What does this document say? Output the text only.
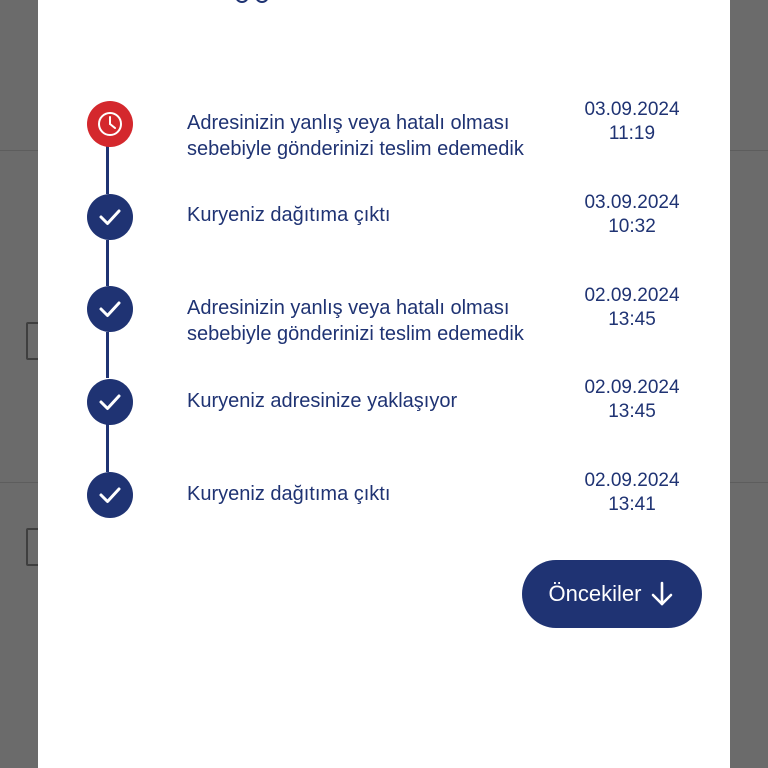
Adresinizin yanlış veya hatalı olması sebebiyle gönderinizi teslim edemedik
03.09.2024
11:19
Kuryeniz dağıtıma çıktı
03.09.2024
10:32
Adresinizin yanlış veya hatalı olması sebebiyle gönderinizi teslim edemedik
02.09.2024
13:45
Kuryeniz adresinize yaklaşıyor
02.09.2024
13:45
Kuryeniz dağıtıma çıktı
02.09.2024
13:41
Öncekiler
